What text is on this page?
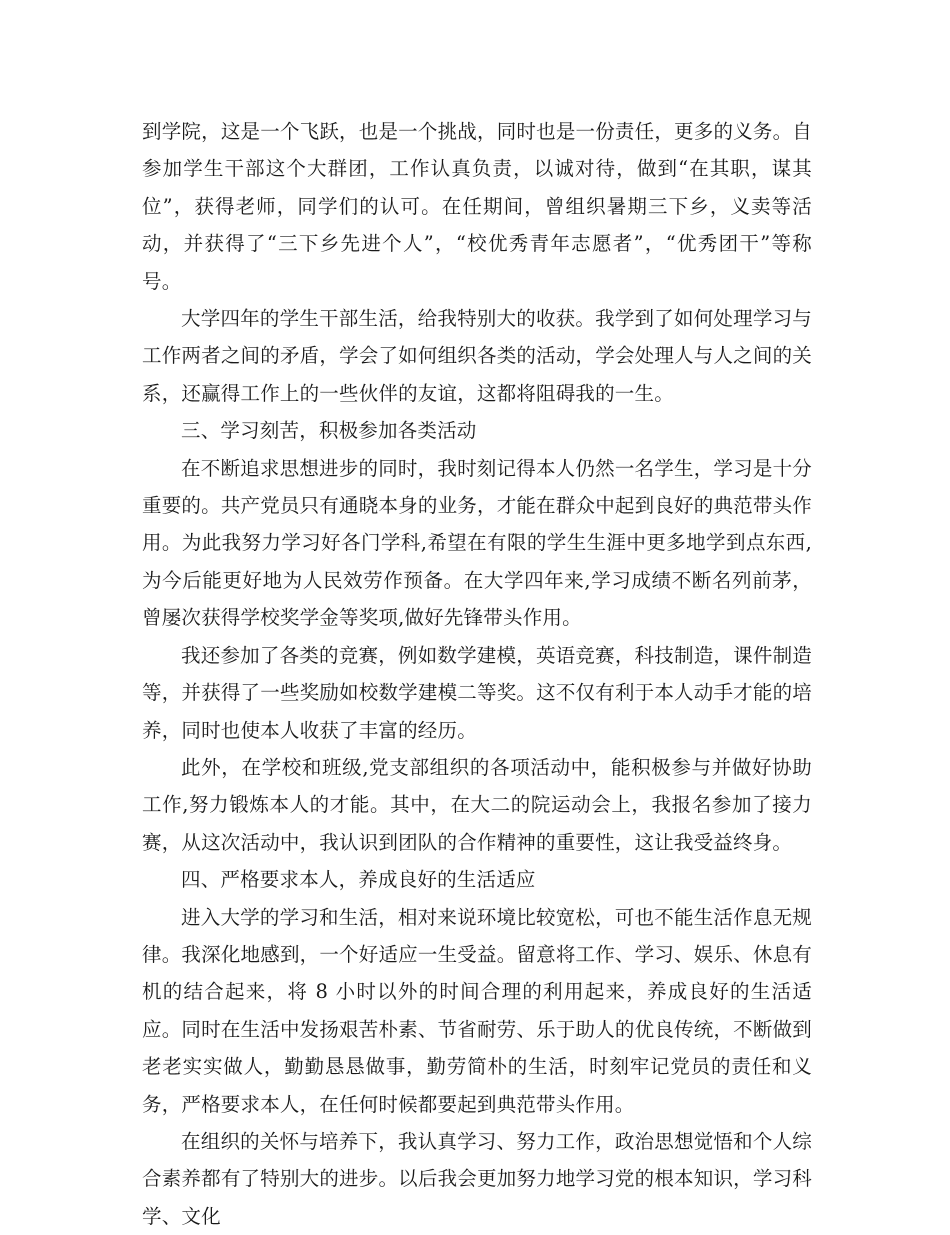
到学院，这是一个飞跃，也是一个挑战，同时也是一份责任，更多的义务。自参加学生干部这个大群团，工作认真负责，以诚对待，做到“在其职，谋其位”，获得老师，同学们的认可。在任期间，曾组织暑期三下乡，义卖等活动，并获得了“三下乡先进个人”，“校优秀青年志愿者”，“优秀团干”等称号。

大学四年的学生干部生活，给我特别大的收获。我学到了如何处理学习与工作两者之间的矛盾，学会了如何组织各类的活动，学会处理人与人之间的关系，还赢得工作上的一些伙伴的友谊，这都将阻碍我的一生。

三、学习刻苦，积极参加各类活动

在不断追求思想进步的同时，我时刻记得本人仍然一名学生，学习是十分重要的。共产党员只有通晓本身的业务，才能在群众中起到良好的典范带头作用。为此我努力学习好各门学科,希望在有限的学生生涯中更多地学到点东西,为今后能更好地为人民效劳作预备。在大学四年来,学习成绩不断名列前茅，曾屡次获得学校奖学金等奖项,做好先锋带头作用。

我还参加了各类的竞赛，例如数学建模，英语竞赛，科技制造，课件制造等，并获得了一些奖励如校数学建模二等奖。这不仅有利于本人动手才能的培养，同时也使本人收获了丰富的经历。

此外，在学校和班级,党支部组织的各项活动中，能积极参与并做好协助工作,努力锻炼本人的才能。其中，在大二的院运动会上，我报名参加了接力赛，从这次活动中，我认识到团队的合作精神的重要性，这让我受益终身。

四、严格要求本人，养成良好的生活适应

进入大学的学习和生活，相对来说环境比较宽松，可也不能生活作息无规律。我深化地感到，一个好适应一生受益。留意将工作、学习、娱乐、休息有机的结合起来，将 8 小时以外的时间合理的利用起来，养成良好的生活适应。同时在生活中发扬艰苦朴素、节省耐劳、乐于助人的优良传统，不断做到老老实实做人，勤勤恳恳做事，勤劳简朴的生活，时刻牢记党员的责任和义务，严格要求本人，在任何时候都要起到典范带头作用。

在组织的关怀与培养下，我认真学习、努力工作，政治思想觉悟和个人综合素养都有了特别大的进步。以后我会更加努力地学习党的根本知识，学习科学、文化
